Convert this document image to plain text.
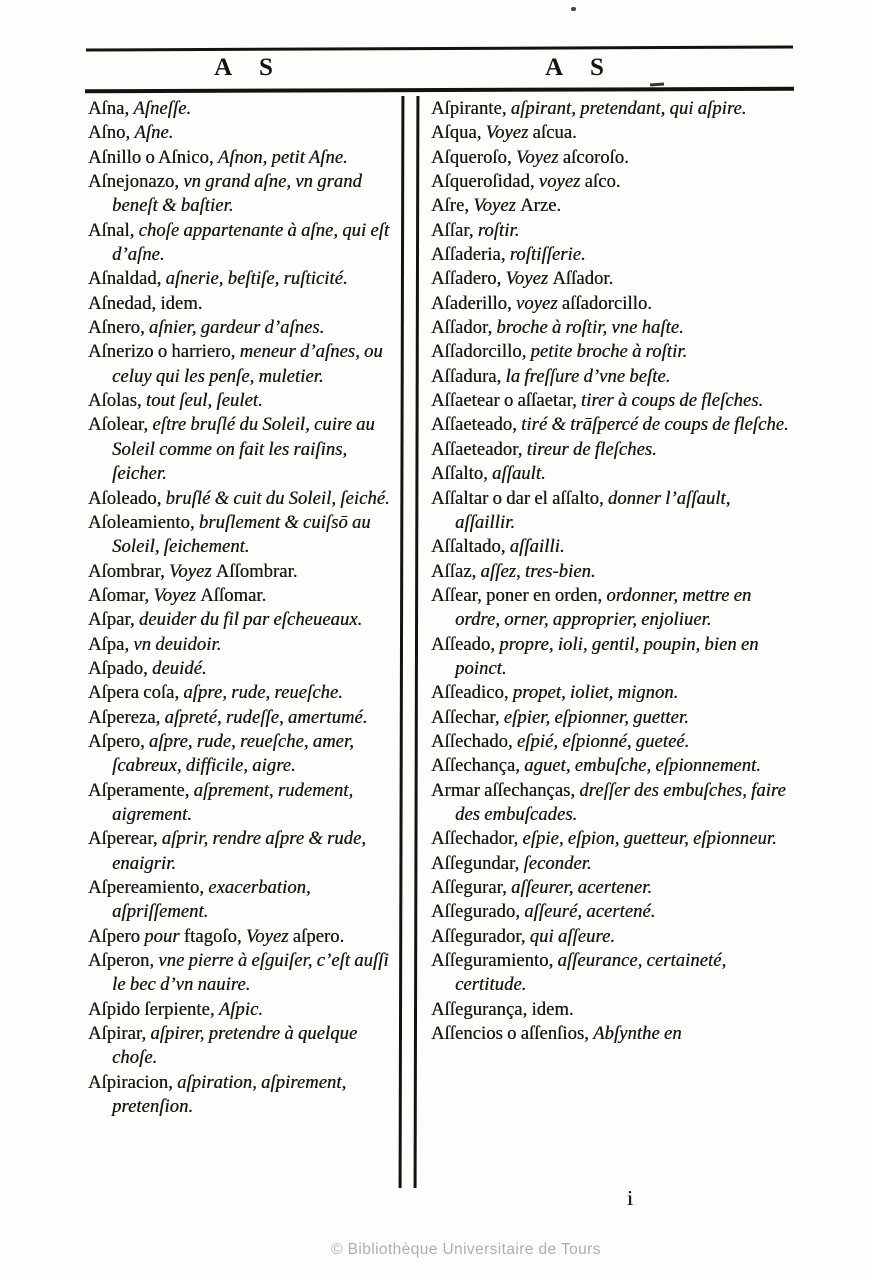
A S	A S
Aſna, Aſneſſe.
Aſno, Aſne.
Aſnillo o Aſnico, Aſnon, petit Aſne.
Aſnejonazo, vn grand aſne, vn grand beneſt & baſtier.
Aſnal, choſe appartenante à aſne, qui eſt d’aſne.
Aſnaldad, aſnerie, beſtiſe, ruſticité.
Aſnedad, idem.
Aſnero, aſnier, gardeur d’aſnes.
Aſnerizo o harriero, meneur d’aſnes, ou celuy qui les penſe, muletier.
Aſolas, tout ſeul, ſeulet.
Aſolear, eſtre bruſlé du Soleil, cuire au Soleil comme on fait les raiſins, ſeicher.
Aſoleado, bruſlé & cuit du Soleil, ſeiché.
Aſoleamiento, bruſlement & cuiſsō au Soleil, ſeichement.
Aſombrar, Voyez Aſſombrar.
Aſomar, Voyez Aſſomar.
Aſpar, deuider du fil par eſcheueaux.
Aſpa, vn deuidoir.
Aſpado, deuidé.
Aſpera coſa, aſpre, rude, reueſche.
Aſpereza, aſpreté, rudeſſe, amertumé.
Aſpero, aſpre, rude, reueſche, amer, ſcabreux, difficile, aigre.
Aſperamente, aſprement, rudement, aigrement.
Aſperear, aſprir, rendre aſpre & rude, enaigrir.
Aſpereamiento, exacerbation, aſpriſſement.
Aſpero pour ftagoſo, Voyez aſpero.
Aſperon, vne pierre à eſguiſer, c’eſt auſſi le bec d’vn nauire.
Aſpido ſerpiente, Aſpic.
Aſpirar, aſpirer, pretendre à quelque choſe.
Aſpiracion, aſpiration, aſpirement, pretenſion.
Aſpirante, aſpirant, pretendant, qui aſpire.
Aſqua, Voyez aſcua.
Aſqueroſo, Voyez aſcoroſo.
Aſqueroſidad, voyez aſco.
Aſre, Voyez Arze.
Aſſar, roſtir.
Aſſaderia, roſtiſſerie.
Aſſadero, Voyez Aſſador.
Aſaderillo, voyez aſſadorcillo.
Aſſador, broche à roſtir, vne haſte.
Aſſadorcillo, petite broche à roſtir.
Aſſadura, la freſſure d’vne beſte.
Aſſaetear o aſſaetar, tirer à coups de fleſches.
Aſſaeteado, tiré & trāſpercé de coups de fleſche.
Aſſaeteador, tireur de fleſches.
Aſſalto, aſſault.
Aſſaltar o dar el aſſalto, donner l’aſſault, aſſaillir.
Aſſaltado, aſſailli.
Aſſaz, aſſez, tres-bien.
Aſſear, poner en orden, ordonner, mettre en ordre, orner, approprier, enjoliuer.
Aſſeado, propre, ioli, gentil, poupin, bien en poinct.
Aſſeadico, propet, ioliet, mignon.
Aſſechar, eſpier, eſpionner, guetter.
Aſſechado, eſpié, eſpionné, gueteé.
Aſſechança, aguet, embuſche, eſpionnement.
Armar aſſechanças, dreſſer des embuſches, faire des embuſcades.
Aſſechador, eſpie, eſpion, guetteur, eſpionneur.
Aſſegundar, ſeconder.
Aſſegurar, aſſeurer, acertener.
Aſſegurado, aſſeuré, acertené.
Aſſegurador, qui aſſeure.
Aſſeguramiento, aſſeurance, certaineté, certitude.
Aſſegurança, idem.
Aſſencios o aſſenſios, Abſynthe en
i
© Bibliothèque Universitaire de Tours
